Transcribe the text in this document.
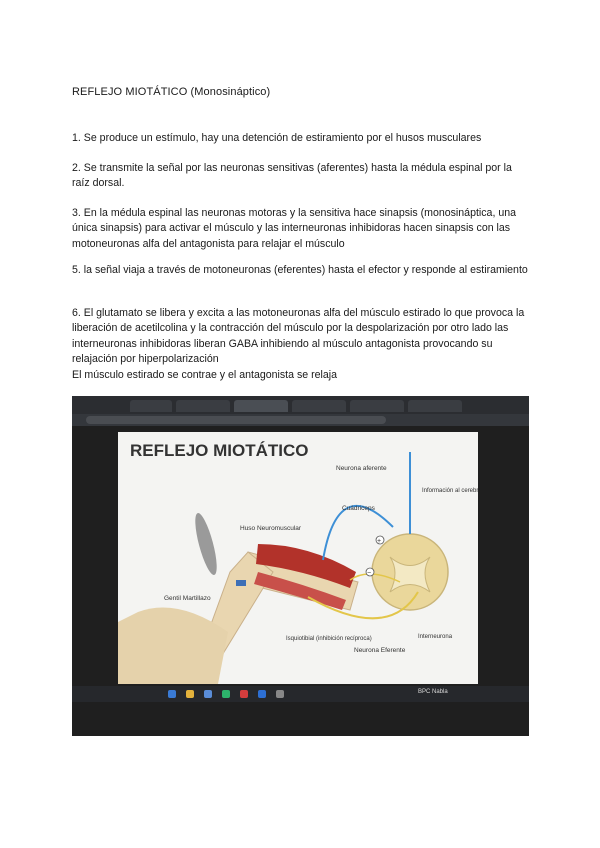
REFLEJO MIOTÁTICO (Monosináptico)

1. Se produce un estímulo, hay una detención de estiramiento por el husos musculares

2. Se transmite la señal por las neuronas sensitivas (aferentes) hasta la médula espinal por la raíz dorsal.

3. En la médula espinal las neuronas motoras y la sensitiva hace sinapsis (monosináptica, una única sinapsis) para activar el músculo y las interneuronas inhibidoras hacen sinapsis con las motoneuronas alfa del antagonista para relajar el músculo

5. la señal viaja a través de motoneuronas (eferentes) hasta el efector y responde al estiramiento

6. El glutamato se libera y excita a las motoneuronas alfa del músculo estirado lo que provoca la liberación de acetilcolina y la contracción del músculo por la despolarización por otro lado las interneuronas inhibidoras liberan GABA inhibiendo al músculo antagonista provocando su relajación por hiperpolarización
El músculo estirado se contrae y el antagonista se relaja

REFLEJO MIOTÁTICO
Neurona aferente
Huso Neuromuscular
Cuádriceps
Información al cerebro
Gentil Martillazo
Isquiotibial (inhibición recíproca)
Neurona Eferente
Interneurona
+
−
BPC Nabla
